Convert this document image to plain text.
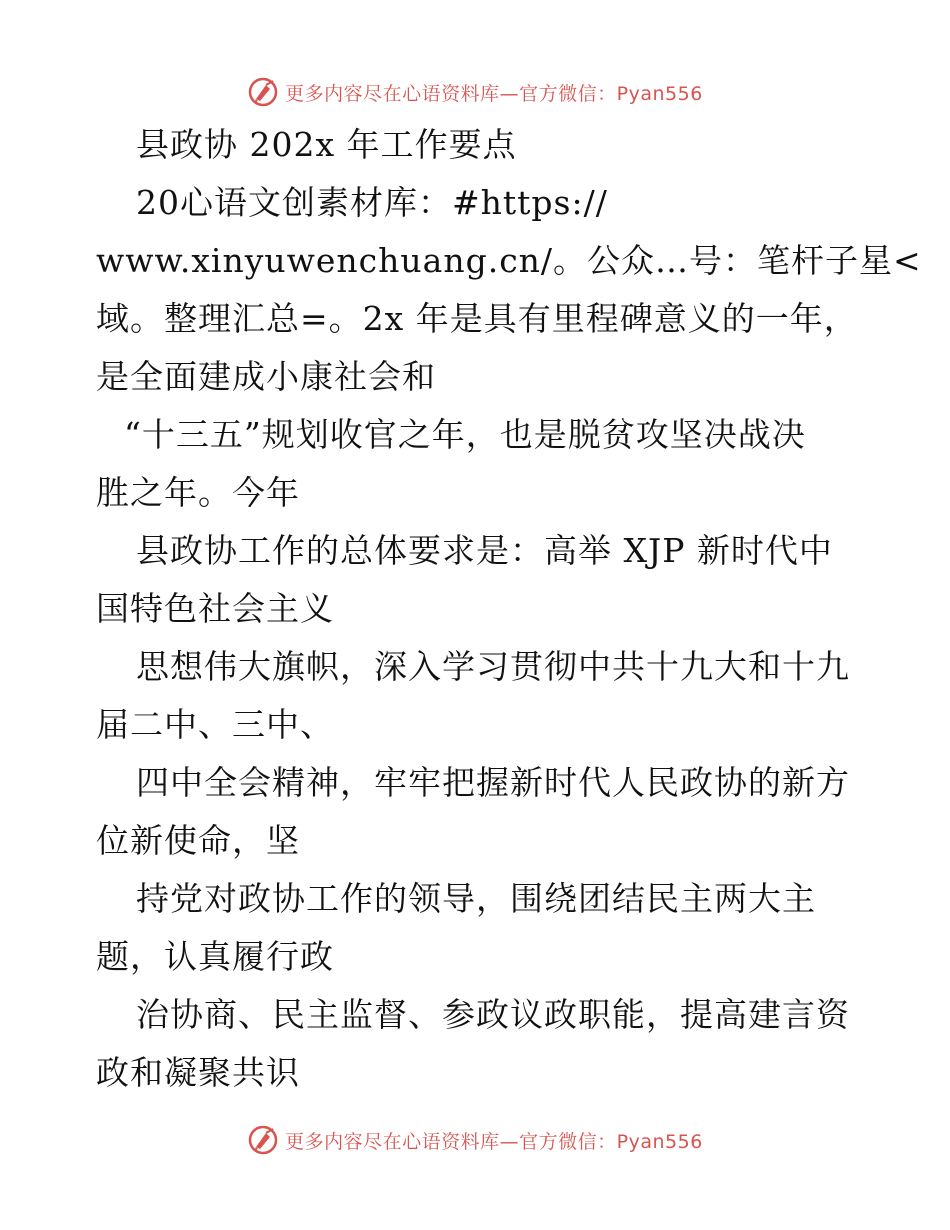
更多内容尽在心语资料库—官方微信：Pyan556
县政协 202x 年工作要点
20心语文创素材库：#https://
www.xinyuwenchuang.cn/。公众…号：笔杆子星<
域。整理汇总=。2x 年是具有里程碑意义的一年，
是全面建成小康社会和
“十三五”规划收官之年，也是脱贫攻坚决战决
胜之年。今年
县政协工作的总体要求是：高举 XJP 新时代中
国特色社会主义
思想伟大旗帜，深入学习贯彻中共十九大和十九
届二中、三中、
四中全会精神，牢牢把握新时代人民政协的新方
位新使命，坚
持党对政协工作的领导，围绕团结民主两大主
题，认真履行政
治协商、民主监督、参政议政职能，提高建言资
政和凝聚共识
更多内容尽在心语资料库—官方微信：Pyan556
